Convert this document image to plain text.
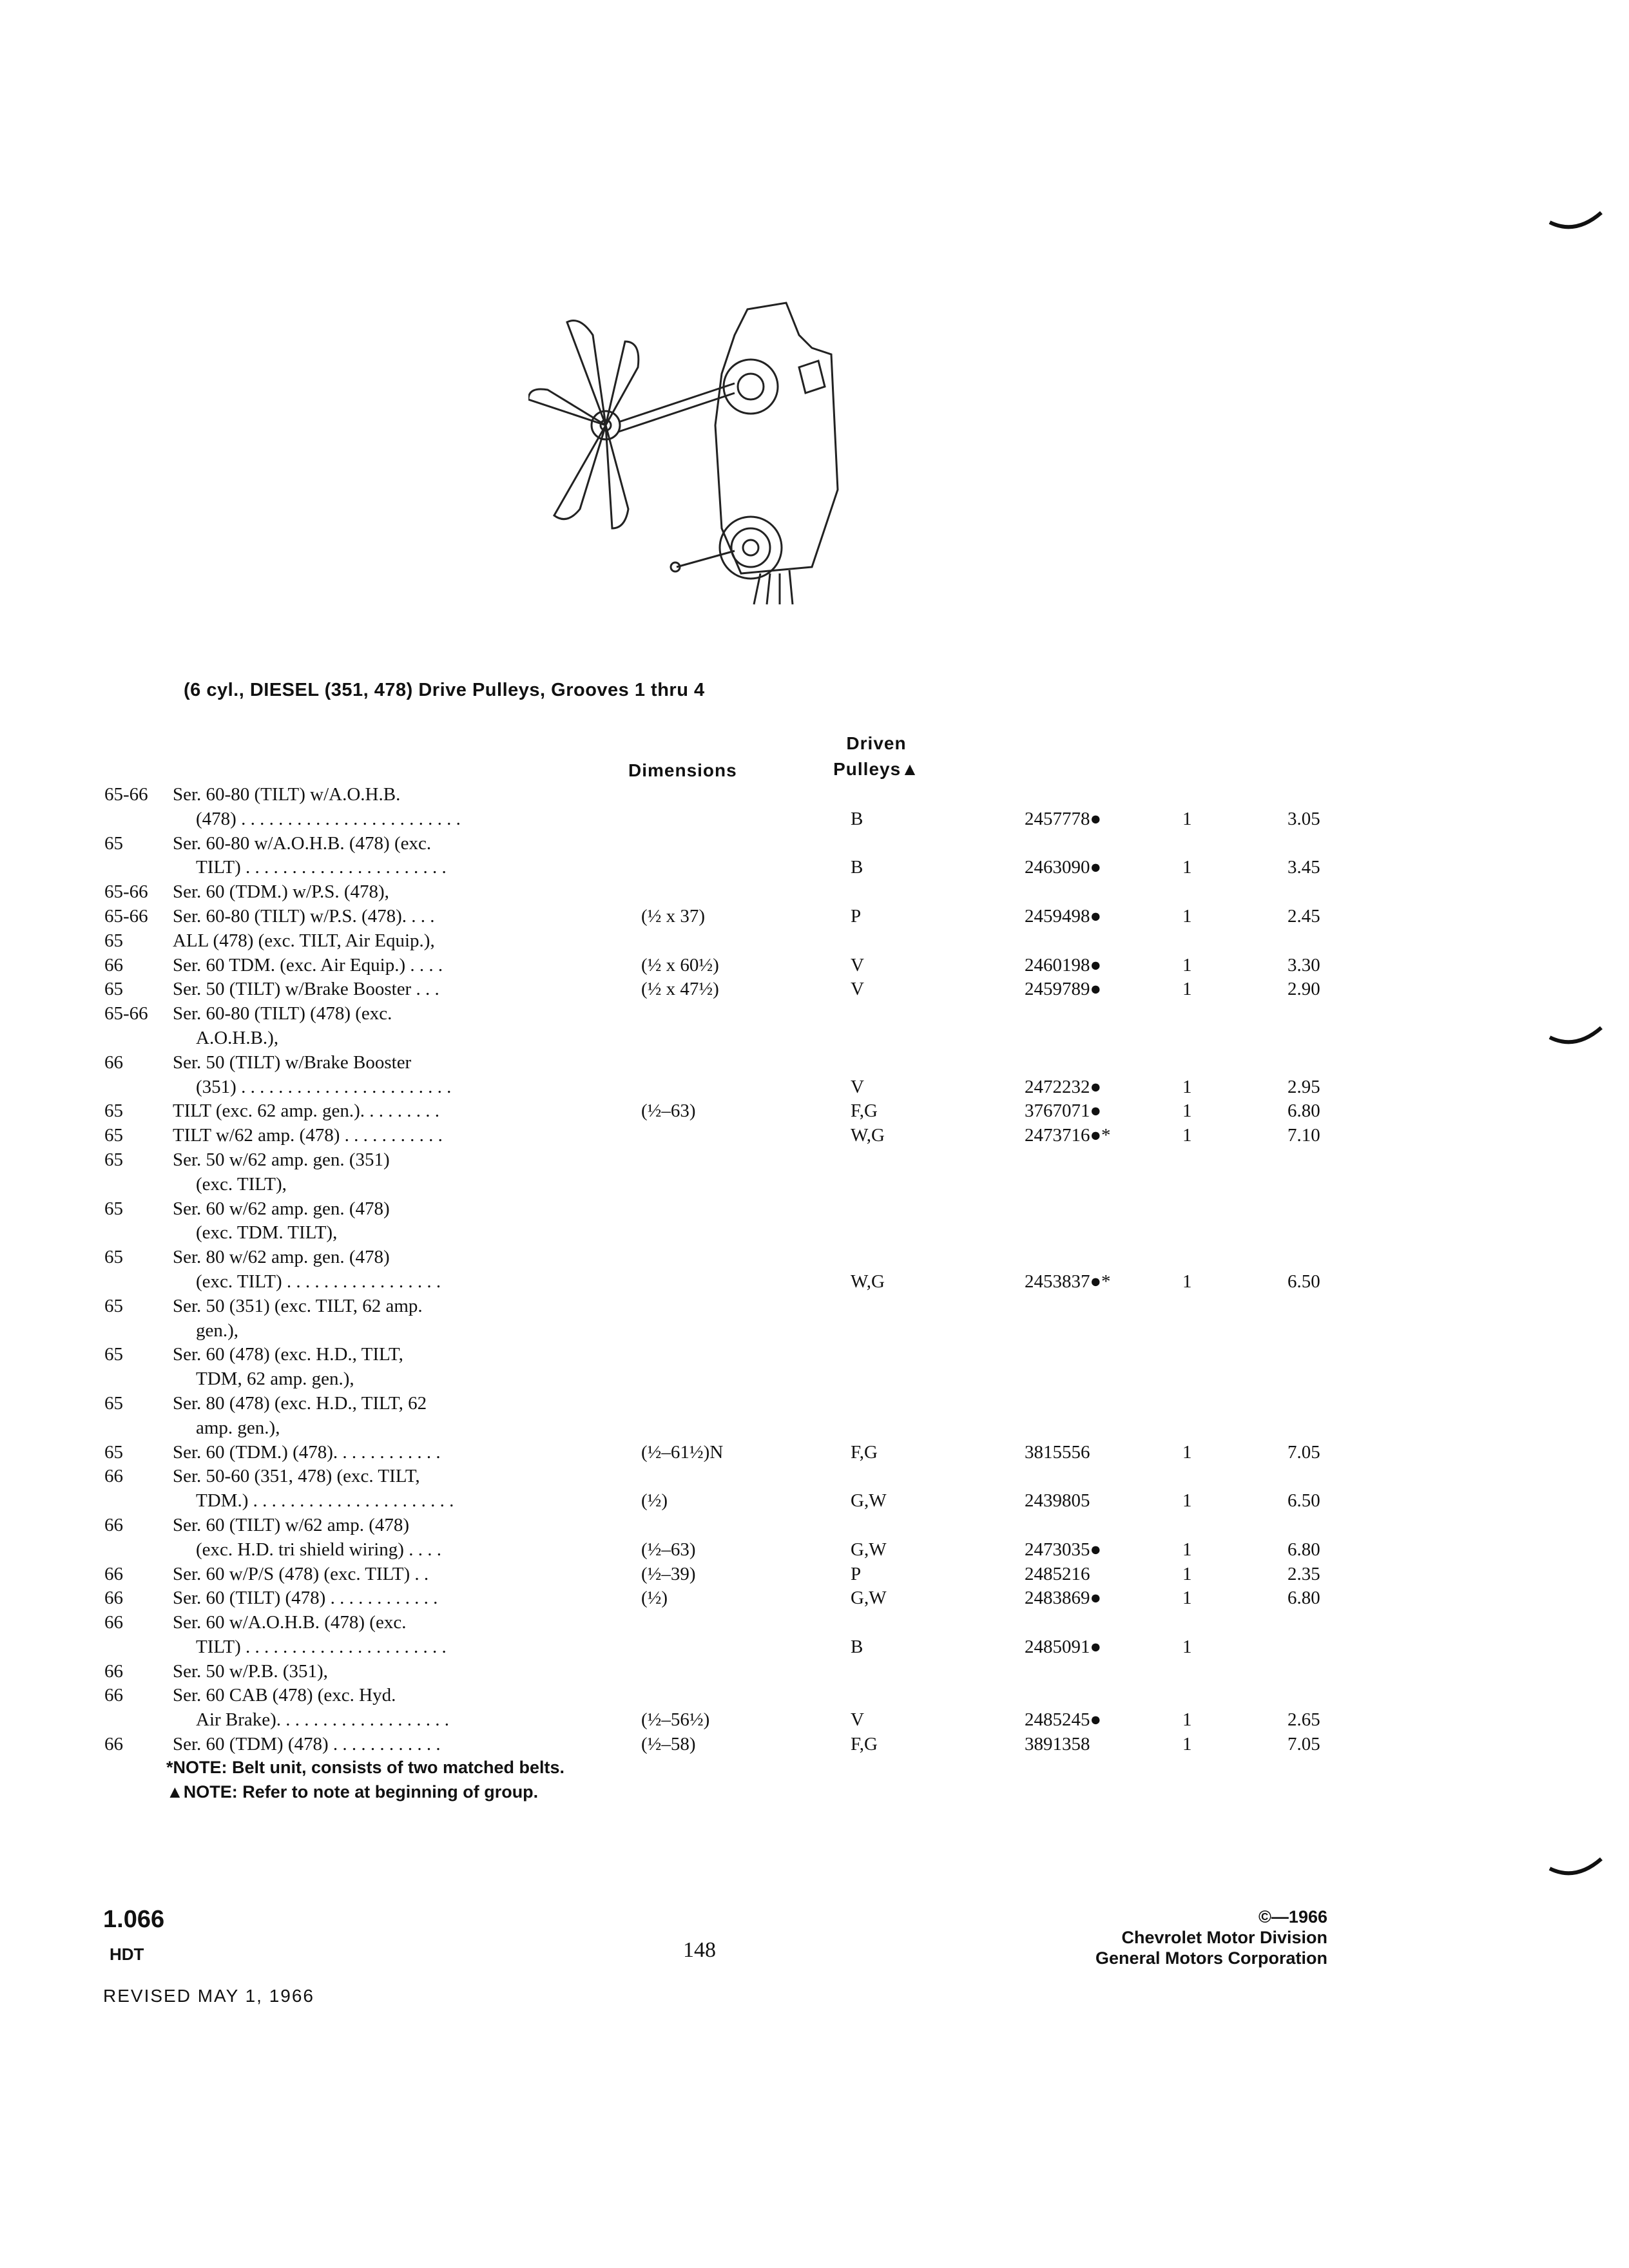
(6 cyl., DIESEL (351, 478) Drive Pulleys, Grooves 1 thru 4
Dimensions
Driven
Pulleys▲
65-66 Ser. 60-80 (TILT) w/A.O.H.B.
(478) . . . . . . . . . . . . . . . . . . . . . . . .	B	2457778●	1	3.05
65	Ser. 60-80 w/A.O.H.B. (478) (exc.
TILT) . . . . . . . . . . . . . . . . . . . . . .	B	2463090●	1	3.45
65-66 Ser. 60 (TDM.) w/P.S. (478),
65-66 Ser. 60-80 (TILT) w/P.S. (478). . . .	(½ x 37)	P	2459498●	1	2.45
65	ALL (478) (exc. TILT, Air Equip.),
66	Ser. 60 TDM. (exc. Air Equip.) . . . .	(½ x 60½)	V	2460198●	1	3.30
65	Ser. 50 (TILT) w/Brake Booster . . .	(½ x 47½)	V	2459789●	1	2.90
65-66 Ser. 60-80 (TILT) (478) (exc.
A.O.H.B.),
66	Ser. 50 (TILT) w/Brake Booster
(351) . . . . . . . . . . . . . . . . . . . . . . .	V	2472232●	1	2.95
65	TILT (exc. 62 amp. gen.). . . . . . . . .	(½–63)	F,G	3767071●	1	6.80
65	TILT w/62 amp. (478) . . . . . . . . . . .	W,G	2473716●*	1	7.10
65	Ser. 50 w/62 amp. gen. (351)
(exc. TILT),
65	Ser. 60 w/62 amp. gen. (478)
(exc. TDM. TILT),
65	Ser. 80 w/62 amp. gen. (478)
(exc. TILT) . . . . . . . . . . . . . . . . .	W,G	2453837●*	1	6.50
65	Ser. 50 (351) (exc. TILT, 62 amp.
gen.),
65	Ser. 60 (478) (exc. H.D., TILT,
TDM, 62 amp. gen.),
65	Ser. 80 (478) (exc. H.D., TILT, 62
amp. gen.),
65	Ser. 60 (TDM.) (478). . . . . . . . . . . .	(½–61½)N	F,G	3815556	1	7.05
66	Ser. 50-60 (351, 478) (exc. TILT,
TDM.) . . . . . . . . . . . . . . . . . . . . . .	(½)	G,W	2439805	1	6.50
66	Ser. 60 (TILT) w/62 amp. (478)
(exc. H.D. tri shield wiring) . . . .	(½–63)	G,W	2473035●	1	6.80
66	Ser. 60 w/P/S (478) (exc. TILT) . .	(½–39)	P	2485216	1	2.35
66	Ser. 60 (TILT) (478) . . . . . . . . . . . .	(½)	G,W	2483869●	1	6.80
66	Ser. 60 w/A.O.H.B. (478) (exc.
TILT) . . . . . . . . . . . . . . . . . . . . . .	B	2485091●	1
66	Ser. 50 w/P.B. (351),
66	Ser. 60 CAB (478) (exc. Hyd.
Air Brake). . . . . . . . . . . . . . . . . . .	(½–56½)	V	2485245●	1	2.65
66	Ser. 60 (TDM) (478) . . . . . . . . . . . .	(½–58)	F,G	3891358	1	7.05
*NOTE: Belt unit, consists of two matched belts.
▲NOTE: Refer to note at beginning of group.
1.066
HDT
REVISED MAY 1, 1966
148
©—1966
Chevrolet Motor Division
General Motors Corporation
